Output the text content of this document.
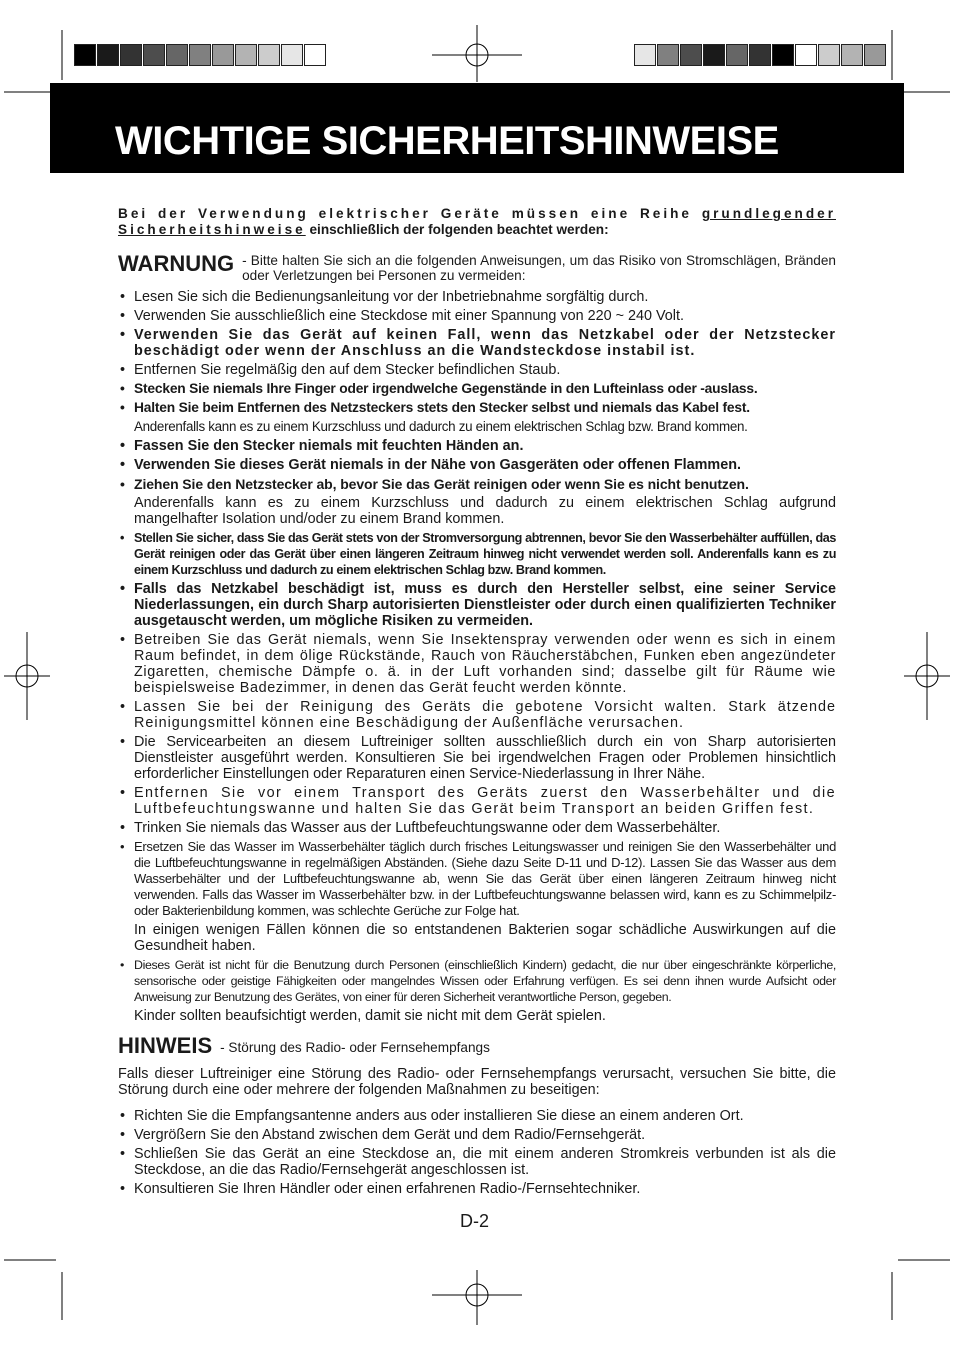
WICHTIGE SICHERHEITSHINWEISE

Bei der Verwendung elektrischer Geräte müssen eine Reihe grundlegender Sicherheitshinweise einschließlich der folgenden beachtet werden:

WARNUNG - Bitte halten Sie sich an die folgenden Anweisungen, um das Risiko von Stromschlägen, Bränden oder Verletzungen bei Personen zu vermeiden:
• Lesen Sie sich die Bedienungsanleitung vor der Inbetriebnahme sorgfältig durch.
• Verwenden Sie ausschließlich eine Steckdose mit einer Spannung von 220 ~ 240 Volt.
• Verwenden Sie das Gerät auf keinen Fall, wenn das Netzkabel oder der Netzstecker beschädigt oder wenn der Anschluss an die Wandsteckdose instabil ist.
• Entfernen Sie regelmäßig den auf dem Stecker befindlichen Staub.
• Stecken Sie niemals Ihre Finger oder irgendwelche Gegenstände in den Lufteinlass oder -auslass.
• Halten Sie beim Entfernen des Netzsteckers stets den Stecker selbst und niemals das Kabel fest.
Anderenfalls kann es zu einem Kurzschluss und dadurch zu einem elektrischen Schlag bzw. Brand kommen.
• Fassen Sie den Stecker niemals mit feuchten Händen an.
• Verwenden Sie dieses Gerät niemals in der Nähe von Gasgeräten oder offenen Flammen.
• Ziehen Sie den Netzstecker ab, bevor Sie das Gerät reinigen oder wenn Sie es nicht benutzen.
Anderenfalls kann es zu einem Kurzschluss und dadurch zu einem elektrischen Schlag aufgrund mangelhafter Isolation und/oder zu einem Brand kommen.
• Stellen Sie sicher, dass Sie das Gerät stets von der Stromversorgung abtrennen, bevor Sie den Wasserbehälter auffüllen, das Gerät reinigen oder das Gerät über einen längeren Zeitraum hinweg nicht verwendet werden soll. Anderenfalls kann es zu einem Kurzschluss und dadurch zu einem elektrischen Schlag bzw. Brand kommen.
• Falls das Netzkabel beschädigt ist, muss es durch den Hersteller selbst, eine seiner Service Niederlassungen, ein durch Sharp autorisierten Dienstleister oder durch einen qualifizierten Techniker ausgetauscht werden, um mögliche Risiken zu vermeiden.
• Betreiben Sie das Gerät niemals, wenn Sie Insektenspray verwenden oder wenn es sich in einem Raum befindet, in dem ölige Rückstände, Rauch von Räucherstäbchen, Funken eben angezündeter Zigaretten, chemische Dämpfe o. ä. in der Luft vorhanden sind; dasselbe gilt für Räume wie beispielsweise Badezimmer, in denen das Gerät feucht werden könnte.
• Lassen Sie bei der Reinigung des Geräts die gebotene Vorsicht walten. Stark ätzende Reinigungsmittel können eine Beschädigung der Außenfläche verursachen.
• Die Servicearbeiten an diesem Luftreiniger sollten ausschließlich durch ein von Sharp autorisierten Dienstleister ausgeführt werden. Konsultieren Sie bei irgendwelchen Fragen oder Problemen hinsichtlich erforderlicher Einstellungen oder Reparaturen einen Service-Niederlassung in Ihrer Nähe.
• Entfernen Sie vor einem Transport des Geräts zuerst den Wasserbehälter und die Luftbefeuchtungswanne und halten Sie das Gerät beim Transport an beiden Griffen fest.
• Trinken Sie niemals das Wasser aus der Luftbefeuchtungswanne oder dem Wasserbehälter.
• Ersetzen Sie das Wasser im Wasserbehälter täglich durch frisches Leitungswasser und reinigen Sie den Wasserbehälter und die Luftbefeuchtungswanne in regelmäßigen Abständen. (Siehe dazu Seite D-11 und D-12). Lassen Sie das Wasser aus dem Wasserbehälter und der Luftbefeuchtungswanne ab, wenn Sie das Gerät über einen längeren Zeitraum hinweg nicht verwenden. Falls das Wasser im Wasserbehälter bzw. in der Luftbefeuchtungswanne belassen wird, kann es zu Schimmelpilz- oder Bakterienbildung kommen, was schlechte Gerüche zur Folge hat.
In einigen wenigen Fällen können die so entstandenen Bakterien sogar schädliche Auswirkungen auf die Gesundheit haben.
• Dieses Gerät ist nicht für die Benutzung durch Personen (einschließlich Kindern) gedacht, die nur über eingeschränkte körperliche, sensorische oder geistige Fähigkeiten oder mangelndes Wissen oder Erfahrung verfügen. Es sei denn ihnen wurde Aufsicht oder Anweisung zur Benutzung des Gerätes, von einer für deren Sicherheit verantwortliche Person, gegeben.
Kinder sollten beaufsichtigt werden, damit sie nicht mit dem Gerät spielen.
HINWEIS - Störung des Radio- oder Fernsehempfangs

Falls dieser Luftreiniger eine Störung des Radio- oder Fernsehempfangs verursacht, versuchen Sie bitte, die Störung durch eine oder mehrere der folgenden Maßnahmen zu beseitigen:

• Richten Sie die Empfangsantenne anders aus oder installieren Sie diese an einem anderen Ort.
• Vergrößern Sie den Abstand zwischen dem Gerät und dem Radio/Fernsehgerät.
• Schließen Sie das Gerät an eine Steckdose an, die mit einem anderen Stromkreis verbunden ist als die Steckdose, an die das Radio/Fernsehgerät angeschlossen ist.
• Konsultieren Sie Ihren Händler oder einen erfahrenen Radio-/Fernsehtechniker.
D-2
